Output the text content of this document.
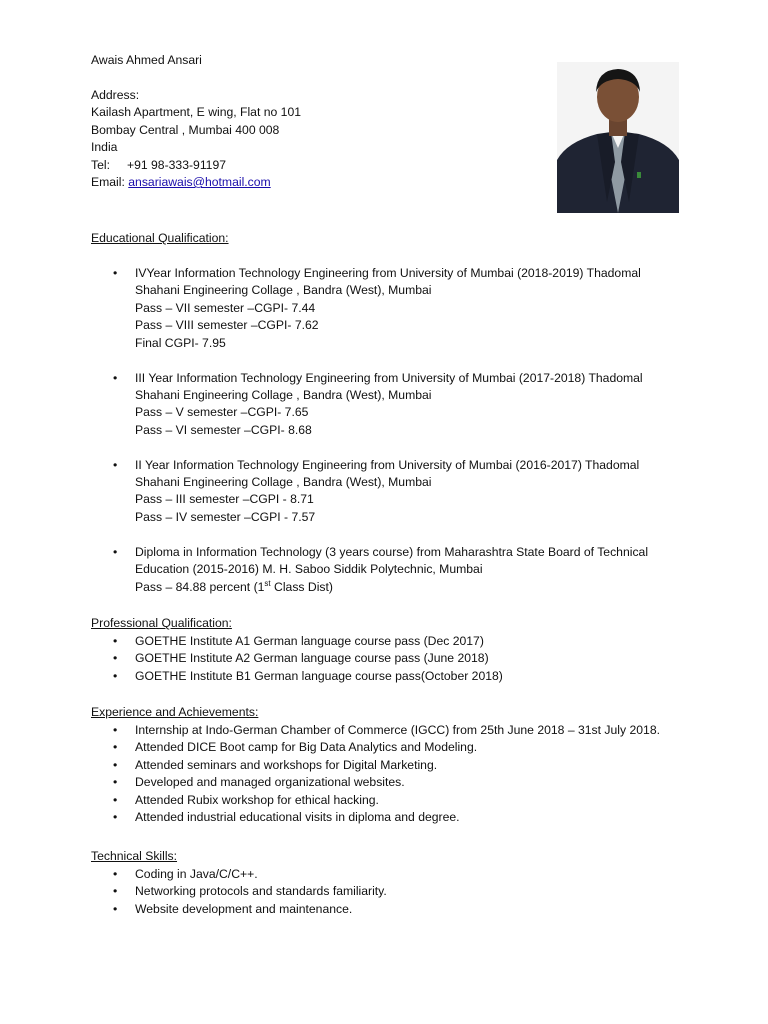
Awais Ahmed Ansari
Address:
Kailash Apartment, E wing, Flat no 101
Bombay Central , Mumbai 400 008
India
Tel: +91 98-333-91197
Email: ansariawais@hotmail.com
Educational Qualification:
• IVYear Information Technology Engineering from University of Mumbai (2018-2019) Thadomal
Shahani Engineering Collage , Bandra (West), Mumbai
Pass – VII semester –CGPI- 7.44
Pass – VIII semester –CGPI- 7.62
Final CGPI- 7.95
• III Year Information Technology Engineering from University of Mumbai (2017-2018) Thadomal
Shahani Engineering Collage , Bandra (West), Mumbai
Pass – V semester –CGPI- 7.65
Pass – VI semester –CGPI- 8.68
• II Year Information Technology Engineering from University of Mumbai (2016-2017) Thadomal
Shahani Engineering Collage , Bandra (West), Mumbai
Pass – III semester –CGPI - 8.71
Pass – IV semester –CGPI - 7.57
• Diploma in Information Technology (3 years course) from Maharashtra State Board of Technical
Education (2015-2016) M. H. Saboo Siddik Polytechnic, Mumbai
Pass – 84.88 percent (1st Class Dist)
Professional Qualification:
• GOETHE Institute A1 German language course pass (Dec 2017)
• GOETHE Institute A2 German language course pass (June 2018)
• GOETHE Institute B1 German language course pass(October 2018)
Experience and Achievements:
• Internship at Indo-German Chamber of Commerce (IGCC) from 25th June 2018 – 31st July 2018.
• Attended DICE Boot camp for Big Data Analytics and Modeling.
• Attended seminars and workshops for Digital Marketing.
• Developed and managed organizational websites.
• Attended Rubix workshop for ethical hacking.
• Attended industrial educational visits in diploma and degree.
Technical Skills:
• Coding in Java/C/C++.
• Networking protocols and standards familiarity.
• Website development and maintenance.
